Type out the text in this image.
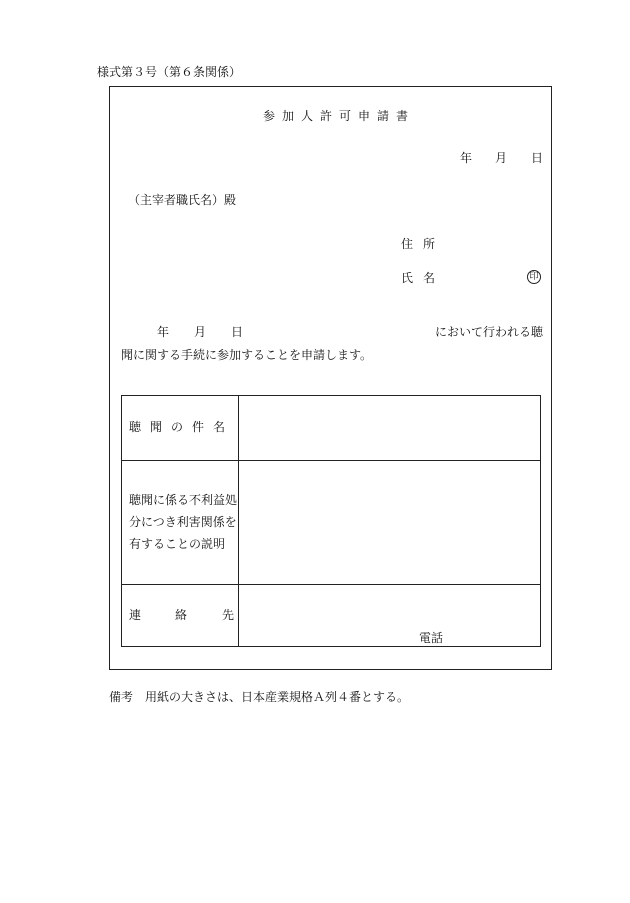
様式第３号（第６条関係）
参加人許可申請書
年 月 日
（主宰者職氏名）殿
住所
氏名	印
年 月 日	において行われる聴
聞に関する手続に参加することを申請します。
聴聞の件名
聴聞に係る不利益処
分につき利害関係を
有することの説明
連	絡	先
電話
備考　用紙の大きさは、日本産業規格Ａ列４番とする。
